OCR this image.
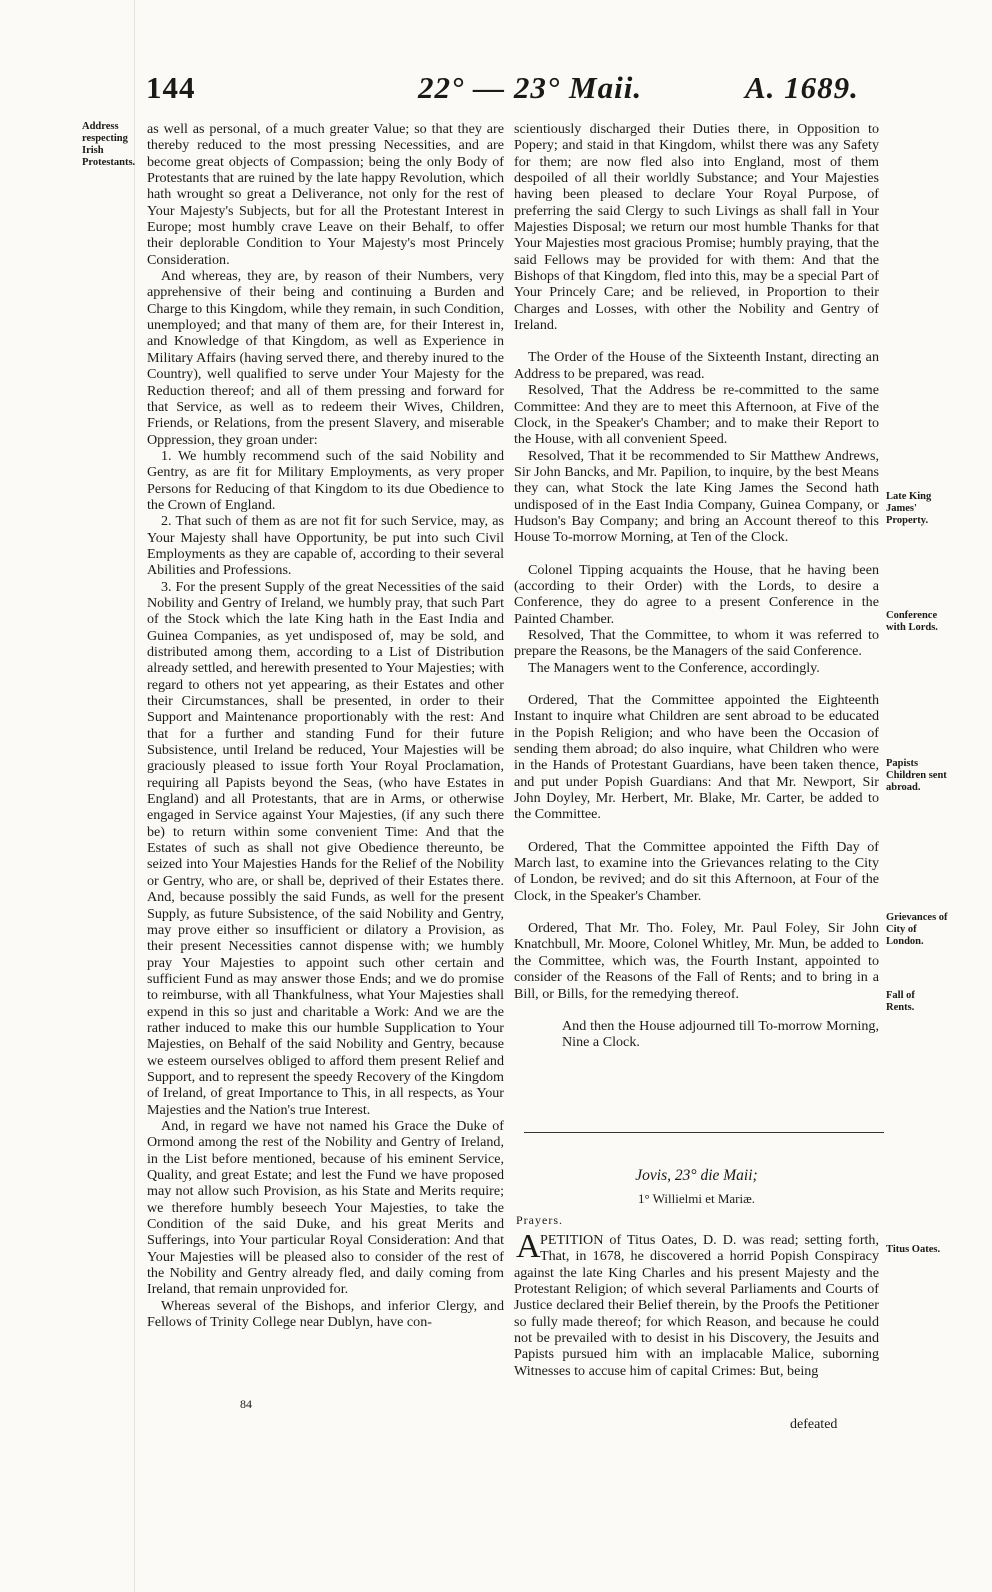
144	22° — 23° Maii.	A. 1689.
Address respecting Irish Protestants.
Late King James' Property.
Conference with Lords.
Papists Children sent abroad.
Grievances of City of London.
Fall of Rents.
Titus Oates.

as well as personal, of a much greater Value; so that they are thereby reduced to the most pressing Necessities, and are become great objects of Compassion; being the only Body of Protestants that are ruined by the late happy Revolution, which hath wrought so great a Deliverance, not only for the rest of Your Majesty's Subjects, but for all the Protestant Interest in Europe; most humbly crave Leave on their Behalf, to offer their deplorable Condition to Your Majesty's most Princely Consideration.

And whereas, they are, by reason of their Numbers, very apprehensive of their being and continuing a Burden and Charge to this Kingdom, while they remain, in such Condition, unemployed; and that many of them are, for their Interest in, and Knowledge of that Kingdom, as well as Experience in Military Affairs (having served there, and thereby inured to the Country), well qualified to serve under Your Majesty for the Reduction thereof; and all of them pressing and forward for that Service, as well as to redeem their Wives, Children, Friends, or Relations, from the present Slavery, and miserable Oppression, they groan under:

1. We humbly recommend such of the said Nobility and Gentry, as are fit for Military Employments, as very proper Persons for Reducing of that Kingdom to its due Obedience to the Crown of England.

2. That such of them as are not fit for such Service, may, as Your Majesty shall have Opportunity, be put into such Civil Employments as they are capable of, according to their several Abilities and Professions.

3. For the present Supply of the great Necessities of the said Nobility and Gentry of Ireland, we humbly pray, that such Part of the Stock which the late King hath in the East India and Guinea Companies, as yet undisposed of, may be sold, and distributed among them, according to a List of Distribution already settled, and herewith presented to Your Majesties; with regard to others not yet appearing, as their Estates and other their Circumstances, shall be presented, in order to their Support and Maintenance proportionably with the rest: And that for a further and standing Fund for their future Subsistence, until Ireland be reduced, Your Majesties will be graciously pleased to issue forth Your Royal Proclamation, requiring all Papists beyond the Seas, (who have Estates in England) and all Protestants, that are in Arms, or otherwise engaged in Service against Your Majesties, (if any such there be) to return within some convenient Time: And that the Estates of such as shall not give Obedience thereunto, be seized into Your Majesties Hands for the Relief of the Nobility or Gentry, who are, or shall be, deprived of their Estates there. And, because possibly the said Funds, as well for the present Supply, as future Subsistence, of the said Nobility and Gentry, may prove either so insufficient or dilatory a Provision, as their present Necessities cannot dispense with; we humbly pray Your Majesties to appoint such other certain and sufficient Fund as may answer those Ends; and we do promise to reimburse, with all Thankfulness, what Your Majesties shall expend in this so just and charitable a Work: And we are the rather induced to make this our humble Supplication to Your Majesties, on Behalf of the said Nobility and Gentry, because we esteem ourselves obliged to afford them present Relief and Support, and to represent the speedy Recovery of the Kingdom of Ireland, of great Importance to This, in all respects, as Your Majesties and the Nation's true Interest.

And, in regard we have not named his Grace the Duke of Ormond among the rest of the Nobility and Gentry of Ireland, in the List before mentioned, because of his eminent Service, Quality, and great Estate; and lest the Fund we have proposed may not allow such Provision, as his State and Merits require; we therefore humbly beseech Your Majesties, to take the Condition of the said Duke, and his great Merits and Sufferings, into Your particular Royal Consideration: And that Your Majesties will be pleased also to consider of the rest of the Nobility and Gentry already fled, and daily coming from Ireland, that remain unprovided for.

Whereas several of the Bishops, and inferior Clergy, and Fellows of Trinity College near Dublyn, have con-

scientiously discharged their Duties there, in Opposition to Popery; and staid in that Kingdom, whilst there was any Safety for them; are now fled also into England, most of them despoiled of all their worldly Substance; and Your Majesties having been pleased to declare Your Royal Purpose, of preferring the said Clergy to such Livings as shall fall in Your Majesties Disposal; we return our most humble Thanks for that Your Majesties most gracious Promise; humbly praying, that the said Fellows may be provided for with them: And that the Bishops of that Kingdom, fled into this, may be a special Part of Your Princely Care; and be relieved, in Proportion to their Charges and Losses, with other the Nobility and Gentry of Ireland.

The Order of the House of the Sixteenth Instant, directing an Address to be prepared, was read.

Resolved, That the Address be re-committed to the same Committee: And they are to meet this Afternoon, at Five of the Clock, in the Speaker's Chamber; and to make their Report to the House, with all convenient Speed.

Resolved, That it be recommended to Sir Matthew Andrews, Sir John Bancks, and Mr. Papilion, to inquire, by the best Means they can, what Stock the late King James the Second hath undisposed of in the East India Company, Guinea Company, or Hudson's Bay Company; and bring an Account thereof to this House To-morrow Morning, at Ten of the Clock.

Colonel Tipping acquaints the House, that he having been (according to their Order) with the Lords, to desire a Conference, they do agree to a present Conference in the Painted Chamber.

Resolved, That the Committee, to whom it was referred to prepare the Reasons, be the Managers of the said Conference.

The Managers went to the Conference, accordingly.

Ordered, That the Committee appointed the Eighteenth Instant to inquire what Children are sent abroad to be educated in the Popish Religion; and who have been the Occasion of sending them abroad; do also inquire, what Children who were in the Hands of Protestant Guardians, have been taken thence, and put under Popish Guardians: And that Mr. Newport, Sir John Doyley, Mr. Herbert, Mr. Blake, Mr. Carter, be added to the Committee.

Ordered, That the Committee appointed the Fifth Day of March last, to examine into the Grievances relating to the City of London, be revived; and do sit this Afternoon, at Four of the Clock, in the Speaker's Chamber.

Ordered, That Mr. Tho. Foley, Mr. Paul Foley, Sir John Knatchbull, Mr. Moore, Colonel Whitley, Mr. Mun, be added to the Committee, which was, the Fourth Instant, appointed to consider of the Reasons of the Fall of Rents; and to bring in a Bill, or Bills, for the remedying thereof.

And then the House adjourned till To-morrow Morning, Nine a Clock.

Jovis, 23° die Maii;
1° Willielmi et Mariæ.
Prayers.
PETITION of Titus Oates, D. D. was read; setting forth, That, in 1678, he discovered a horrid Popish Conspiracy against the late King Charles and his present Majesty and the Protestant Religion; of which several Parliaments and Courts of Justice declared their Belief therein, by the Proofs the Petitioner so fully made thereof; for which Reason, and because he could not be prevailed with to desist in his Discovery, the Jesuits and Papists pursued him with an implacable Malice, suborning Witnesses to accuse him of capital Crimes: But, being
A
84
defeated
